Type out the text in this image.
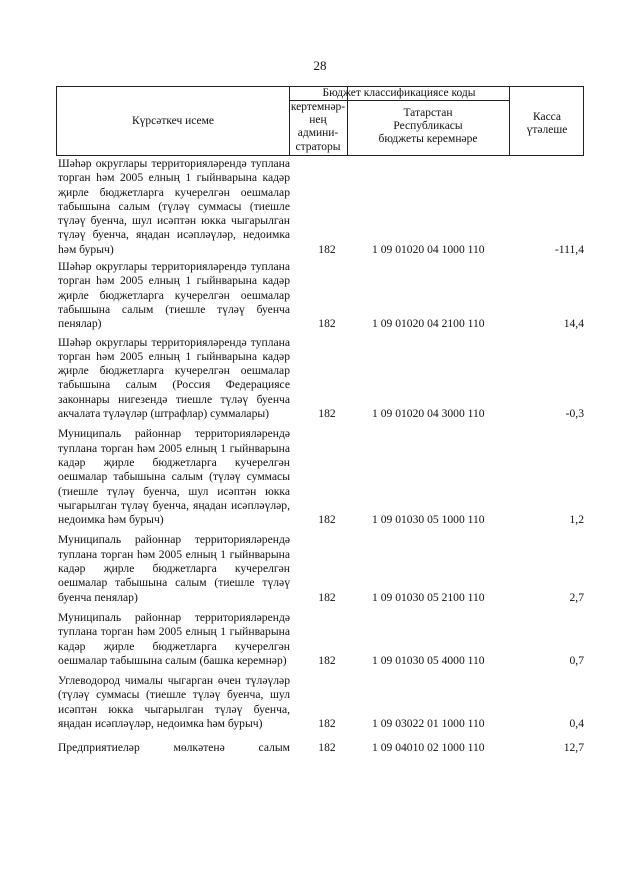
28
Күрсәткеч исеме
Бюджет классификациясе коды
кертемнәр-
нең
админи-
страторы
Татарстан
Республикасы
бюджеты керемнәре
Касса
үтәлеше
Шәһәр округлары территорияләрендә туплана торган һәм 2005 елның 1 гыйнварына кадәр җирле бюджетларга кучерелгән оешмалар табышына салым (түләү суммасы (тиешле түләү буенча, шул исәптән юкка чыгарылган түләү буенча, яңадан исәпләүләр, недоимка һәм бурыч)	182	1 09 01020 04 1000 110	-111,4
Шәһәр округлары территорияләрендә туплана торган һәм 2005 елның 1 гыйнварына кадәр җирле бюджетларга кучерелгән оешмалар табышына салым (тиешле түләү буенча пенялар)	182	1 09 01020 04 2100 110	14,4
Шәһәр округлары территорияләрендә туплана торган һәм 2005 елның 1 гыйнварына кадәр җирле бюджетларга кучерелгән оешмалар табышына салым (Россия Федерациясе законнары нигезендә тиешле түләү буенча акчалата түләүләр (штрафлар) суммалары)	182	1 09 01020 04 3000 110	-0,3
Муниципаль районнар территорияләрендә туплана торган һәм 2005 елның 1 гыйнварына кадәр җирле бюджетларга кучерелгән оешмалар табышына салым (түләү суммасы (тиешле түләү буенча, шул исәптән юкка чыгарылган түләү буенча, яңадан исәпләүләр, недоимка һәм бурыч)	182	1 09 01030 05 1000 110	1,2
Муниципаль районнар территорияләрендә туплана торган һәм 2005 елның 1 гыйнварына кадәр җирле бюджетларга кучерелгән оешмалар табышына салым (тиешле түләү буенча пенялар)	182	1 09 01030 05 2100 110	2,7
Муниципаль районнар территорияләрендә туплана торган һәм 2005 елның 1 гыйнварына кадәр җирле бюджетларга кучерелгән оешмалар табышына салым (башка керемнәр)	182	1 09 01030 05 4000 110	0,7
Углеводород чималы чыгарган өчен түләүләр (түләү суммасы (тиешле түләү буенча, шул исәптән юкка чыгарылган түләү буенча, яңадан исәпләүләр, недоимка һәм бурыч)	182	1 09 03022 01 1000 110	0,4
Предприятиеләр мөлкәтенә салым	182	1 09 04010 02 1000 110	12,7
